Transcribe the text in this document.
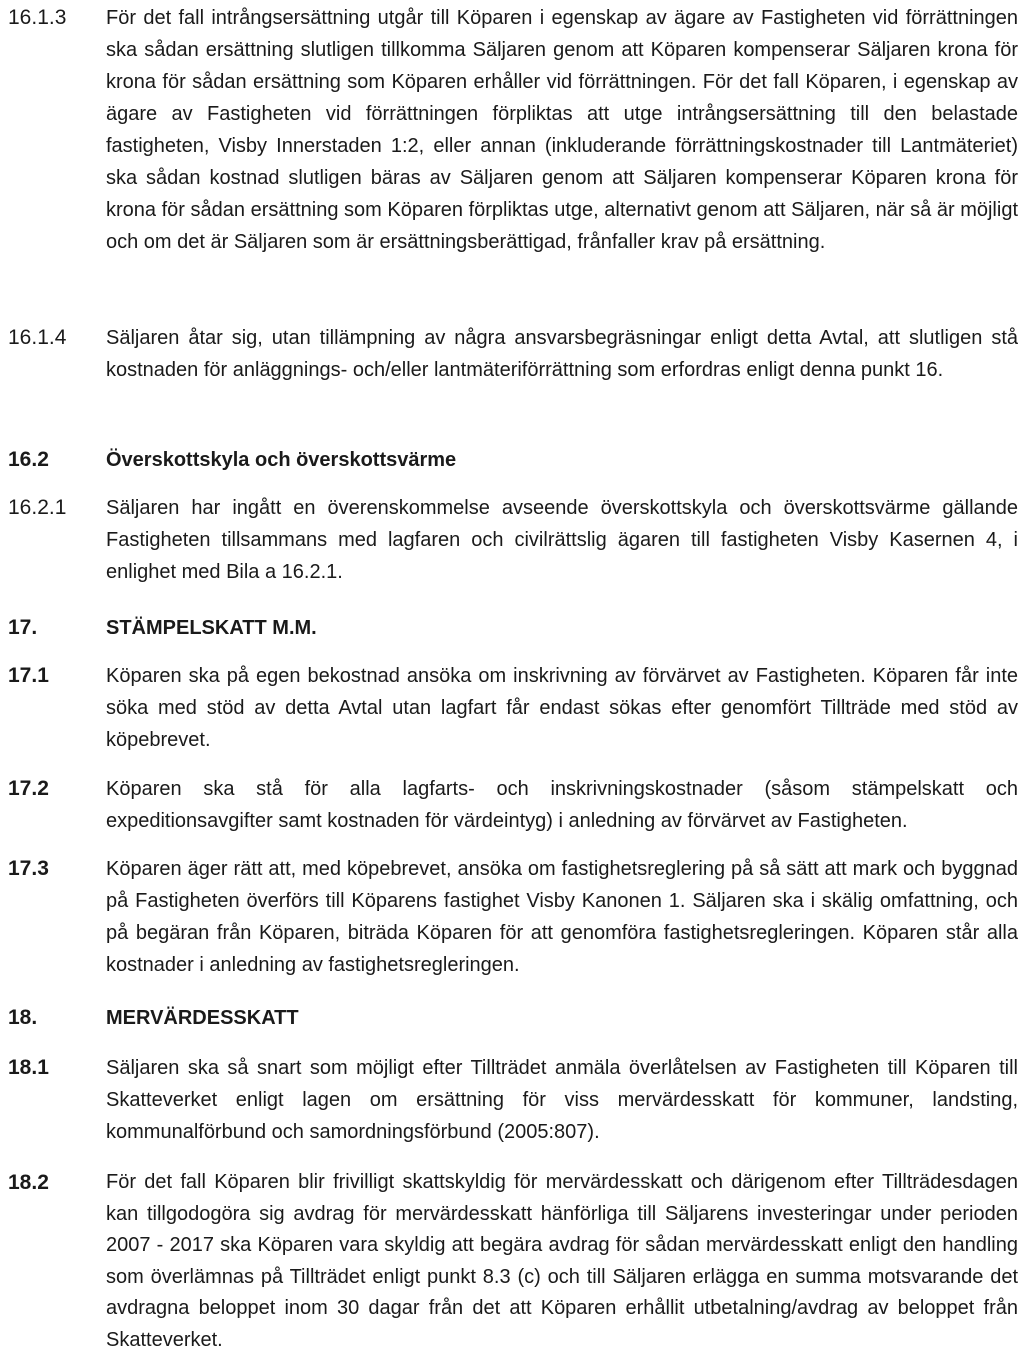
16.1.3 För det fall intrångsersättning utgår till Köparen i egenskap av ägare av Fastigheten vid förrättningen ska sådan ersättning slutligen tillkomma Säljaren genom att Köparen kompenserar Säljaren krona för krona för sådan ersättning som Köparen erhåller vid förrättningen. För det fall Köparen, i egenskap av ägare av Fastigheten vid förrättningen förpliktas att utge intrångsersättning till den belastade fastigheten, Visby Innerstaden 1:2, eller annan (inkluderande förrättningskostnader till Lantmäteriet) ska sådan kostnad slutligen bäras av Säljaren genom att Säljaren kompenserar Köparen krona för krona för sådan ersättning som Köparen förpliktas utge, alternativt genom att Säljaren, när så är möjligt och om det är Säljaren som är ersättningsberättigad, frånfaller krav på ersättning.
16.1.4 Säljaren åtar sig, utan tillämpning av några ansvarsbegräsningar enligt detta Avtal, att slutligen stå kostnaden för anläggnings- och/eller lantmäteriförrättning som erfordras enligt denna punkt 16.
16.2	Överskottskyla och överskottsvärme
16.2.1 Säljaren har ingått en överenskommelse avseende överskottskyla och överskottsvärme gällande Fastigheten tillsammans med lagfaren och civilrättslig ägaren till fastigheten Visby Kasernen 4, i enlighet med Bila a 16.2.1.
17.	STÄMPELSKATT M.M.
17.1	Köparen ska på egen bekostnad ansöka om inskrivning av förvärvet av Fastigheten. Köparen får inte söka med stöd av detta Avtal utan lagfart får endast sökas efter genomfört Tillträde med stöd av köpebrevet.
17.2	Köparen ska stå för alla lagfarts- och inskrivningskostnader (såsom stämpelskatt och expeditionsavgifter samt kostnaden för värdeintyg) i anledning av förvärvet av Fastigheten.
17.3	Köparen äger rätt att, med köpebrevet, ansöka om fastighetsreglering på så sätt att mark och byggnad på Fastigheten överförs till Köparens fastighet Visby Kanonen 1. Säljaren ska i skälig omfattning, och på begäran från Köparen, biträda Köparen för att genomföra fastighetsregleringen. Köparen står alla kostnader i anledning av fastighetsregleringen.
18.	MERVÄRDESSKATT
18.1	Säljaren ska så snart som möjligt efter Tillträdet anmäla överlåtelsen av Fastigheten till Köparen till Skatteverket enligt lagen om ersättning för viss mervärdesskatt för kommuner, landsting, kommunalförbund och samordningsförbund (2005:807).
18.2	För det fall Köparen blir frivilligt skattskyldig för mervärdesskatt och därigenom efter Tillträdesdagen kan tillgodogöra sig avdrag för mervärdesskatt hänförliga till Säljarens investeringar under perioden 2007 - 2017 ska Köparen vara skyldig att begära avdrag för sådan mervärdesskatt enligt den handling som överlämnas på Tillträdet enligt punkt 8.3 (c) och till Säljaren erlägga en summa motsvarande det avdragna beloppet inom 30 dagar från det att Köparen erhållit utbetalning/avdrag av beloppet från Skatteverket.
